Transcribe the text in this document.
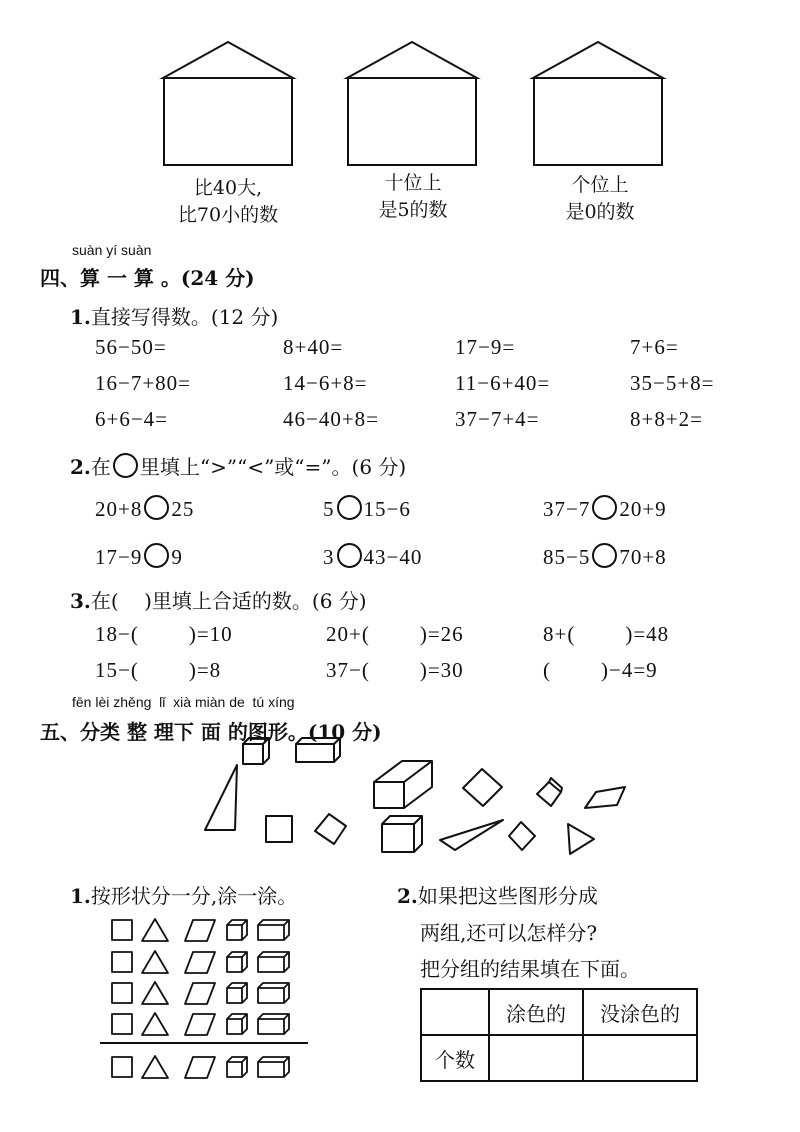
比40大,
比70小的数
十位上
是5的数
个位上
是0的数
suàn yí suàn
四、算 一 算 。(24 分)
1.直接写得数。(12 分)
56−50=	8+40=	17−9=	7+6=
16−7+80=	14−6+8=	11−6+40=	35−5+8=
6+6−4=	46−40+8=	37−7+4=	8+8+2=
2.在 里填上“>”“<”或“=”。(6 分)
20+8 25	5 15−6	37−7 20+9
17−9 9	3 43−40	85−5 70+8
3.在(    )里填上合适的数。(6 分)
18−( )=10	20+( )=26	8+( )=48
15−( )=8	37−( )=30	( )−4=9
fēn lèi zhěng  lǐ  xià miàn de  tú xíng
五、分类 整 理下 面 的图形。(10 分)
1.按形状分一分,涂一涂。	2.如果把这些图形分成
两组,还可以怎样分?
把分组的结果填在下面。
	涂色的	没涂色的
个数		
